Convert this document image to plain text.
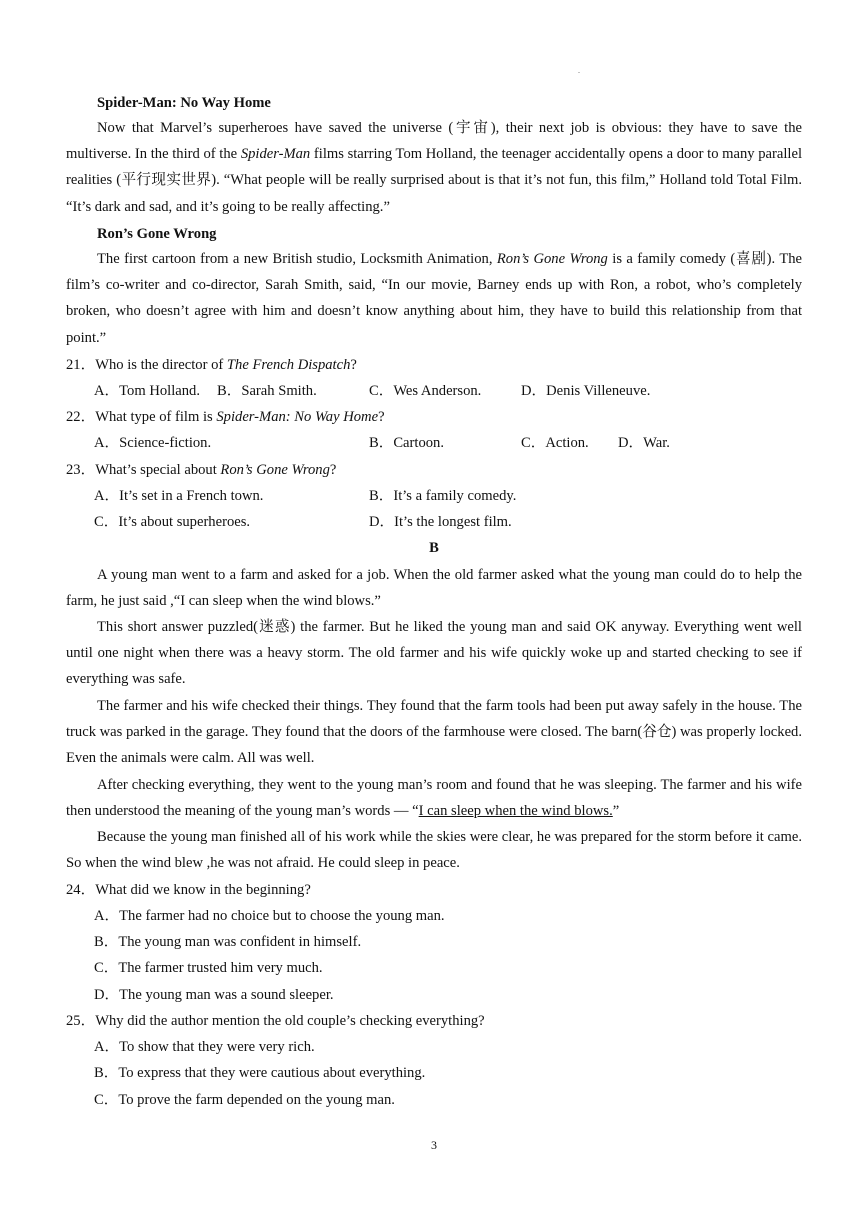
.
Spider-Man: No Way Home
Now that Marvel’s superheroes have saved the universe (宇宙), their next job is obvious: they have to save the multiverse. In the third of the Spider-Man films starring Tom Holland, the teenager accidentally opens a door to many parallel realities (平行现实世界). “What people will be really surprised about is that it’s not fun, this film,” Holland told Total Film. “It’s dark and sad, and it’s going to be really affecting.”
Ron’s Gone Wrong
The first cartoon from a new British studio, Locksmith Animation, Ron’s Gone Wrong is a family comedy (喜剧). The film’s co-writer and co-director, Sarah Smith, said, “In our movie, Barney ends up with Ron, a robot, who’s completely broken, who doesn’t agree with him and doesn’t know anything about him, they have to build this relationship from that point.”
21．Who is the director of The French Dispatch?
A．Tom Holland. B．Sarah Smith.	C．Wes Anderson.	D．Denis Villeneuve.
22．What type of film is Spider-Man: No Way Home?
A．Science-fiction.	B．Cartoon.	C．Action. D．War.
23．What’s special about Ron’s Gone Wrong?
A．It’s set in a French town.	B．It’s a family comedy.
C．It’s about superheroes.	D．It’s the longest film.
B
A young man went to a farm and asked for a job. When the old farmer asked what the young man could do to help the farm, he just said ,“I can sleep when the wind blows.”
This short answer puzzled(迷惑) the farmer. But he liked the young man and said OK anyway. Everything went well until one night when there was a heavy storm. The old farmer and his wife quickly woke up and started checking to see if everything was safe.
The farmer and his wife checked their things. They found that the farm tools had been put away safely in the house. The truck was parked in the garage. They found that the doors of the farmhouse were closed. The barn(谷仓) was properly locked. Even the animals were calm. All was well.
After checking everything, they went to the young man’s room and found that he was sleeping. The farmer and his wife then understood the meaning of the young man’s words — “I can sleep when the wind blows.”
Because the young man finished all of his work while the skies were clear, he was prepared for the storm before it came. So when the wind blew ,he was not afraid. He could sleep in peace.
24．What did we know in the beginning?
A．The farmer had no choice but to choose the young man.
B．The young man was confident in himself.
C．The farmer trusted him very much.
D．The young man was a sound sleeper.
25．Why did the author mention the old couple’s checking everything?
A．To show that they were very rich.
B．To express that they were cautious about everything.
C．To prove the farm depended on the young man.
3
